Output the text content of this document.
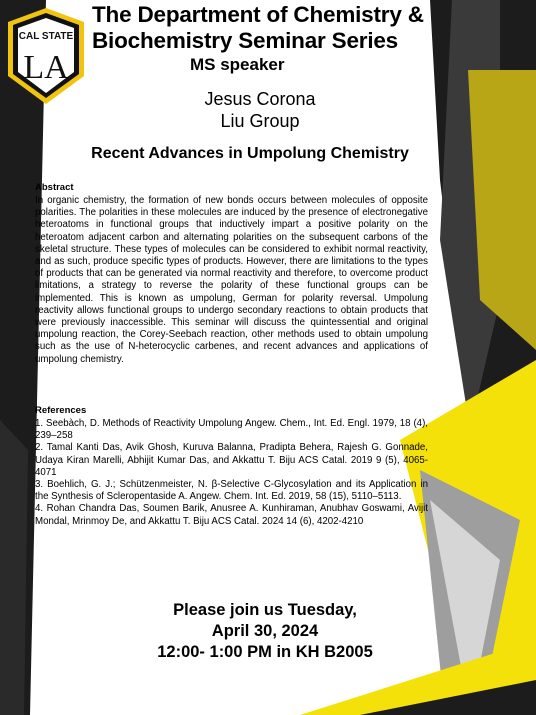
CAL STATE
LA
The Department of Chemistry &
Biochemistry Seminar Series
MS speaker
Jesus Corona
Liu Group
Recent Advances in Umpolung Chemistry
Abstract
In organic chemistry, the formation of new bonds occurs between molecules of opposite polarities. The polarities in these molecules are induced by the presence of electronegative heteroatoms in functional groups that inductively impart a positive polarity on the heteroatom adjacent carbon and alternating polarities on the subsequent carbons of the skeletal structure. These types of molecules can be considered to exhibit normal reactivity, and as such, produce specific types of products. However, there are limitations to the types of products that can be generated via normal reactivity and therefore, to overcome product limitations, a strategy to reverse the polarity of these functional groups can be implemented. This is known as umpolung, German for polarity reversal. Umpolung reactivity allows functional groups to undergo secondary reactions to obtain products that were previously inaccessible. This seminar will discuss the quintessential and original umpolung reaction, the Corey-Seebach reaction, other methods used to obtain umpolung such as the use of N-heterocyclic carbenes, and recent advances and applications of umpolung chemistry.
References

1. Seebàch, D. Methods of Reactivity Umpolung Angew. Chem., Int. Ed. Engl. 1979, 18 (4), 239–258

2. Tamal Kanti Das, Avik Ghosh, Kuruva Balanna, Pradipta Behera, Rajesh G. Gonnade, Udaya Kiran Marelli, Abhijit Kumar Das, and Akkattu T. Biju ACS Catal. 2019 9 (5), 4065-4071

3. Boehlich, G. J.; Schützenmeister, N. β-Selective C-Glycosylation and its Application in the Synthesis of Scleropentaside A. Angew. Chem. Int. Ed. 2019, 58 (15), 5110–5113.

4. Rohan Chandra Das, Soumen Barik, Anusree A. Kunhiraman, Anubhav Goswami, Avijit Mondal, Mrinmoy De, and Akkattu T. Biju ACS Catal. 2024 14 (6), 4202-4210

Please join us Tuesday,
April 30, 2024
12:00- 1:00 PM in KH B2005
